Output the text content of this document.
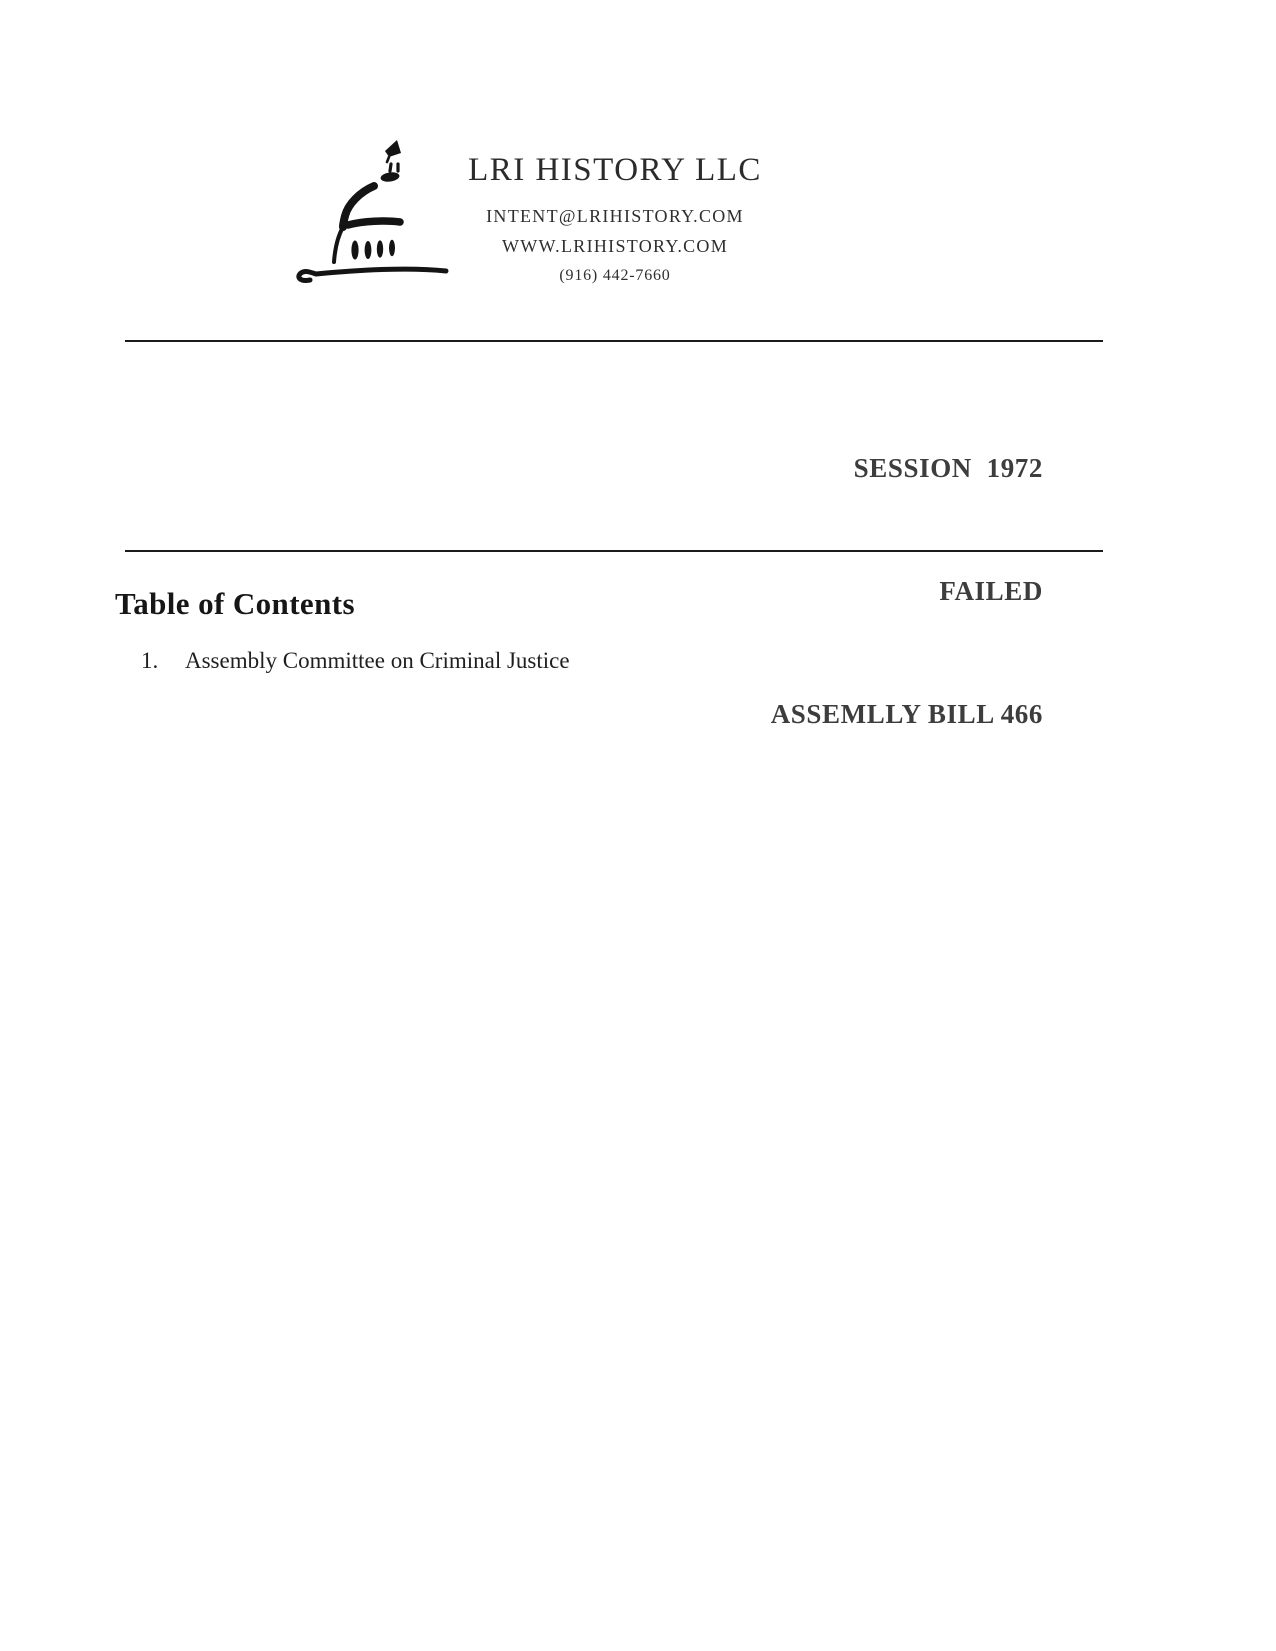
LRI HISTORY LLC
INTENT@LRIHISTORY.COM
WWW.LRIHISTORY.COM
(916) 442-7660

SESSION  1972

FAILED

ASSEMLLY BILL 466

Table of Contents
1.	Assembly Committee on Criminal Justice
